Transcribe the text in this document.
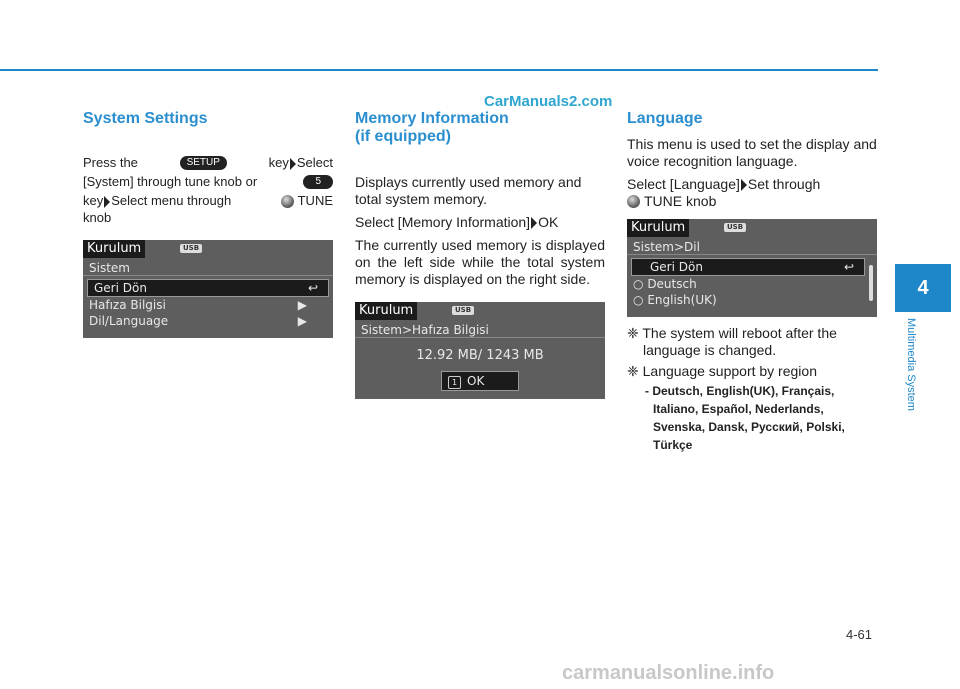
CarManuals2.com
System Settings

Press the	SETUP	key Select

[System] through tune knob or	5

key Select menu through	TUNE

knob

Kurulum	USB
Sistem
Geri Dön	↩
Hafıza Bilgisi	▶
Dil/Language	▶
Memory Information
(if equipped)

Displays currently used memory and total system memory.

Select [Memory Information] OK

The currently used memory is displayed on the left side while the total system memory is displayed on the right side.

Kurulum	USB
Sistem>Hafıza Bilgisi
12.92 MB/ 1243 MB
1 OK
Language

This menu is used to set the display and voice recognition language.

Select [Language] Set through

TUNE knob

Kurulum	USB
Sistem>Dil
Geri Dön	↩
○ Deutsch
○ English(UK)

❈ The system will reboot after the language is changed.

❈ Language support by region

- Deutsch, English(UK), Français, Italiano, Español, Nederlands, Svenska, Dansk, Русский, Polski, Türkçe

4
Multimedia System
4-61
carmanualsonline.info
